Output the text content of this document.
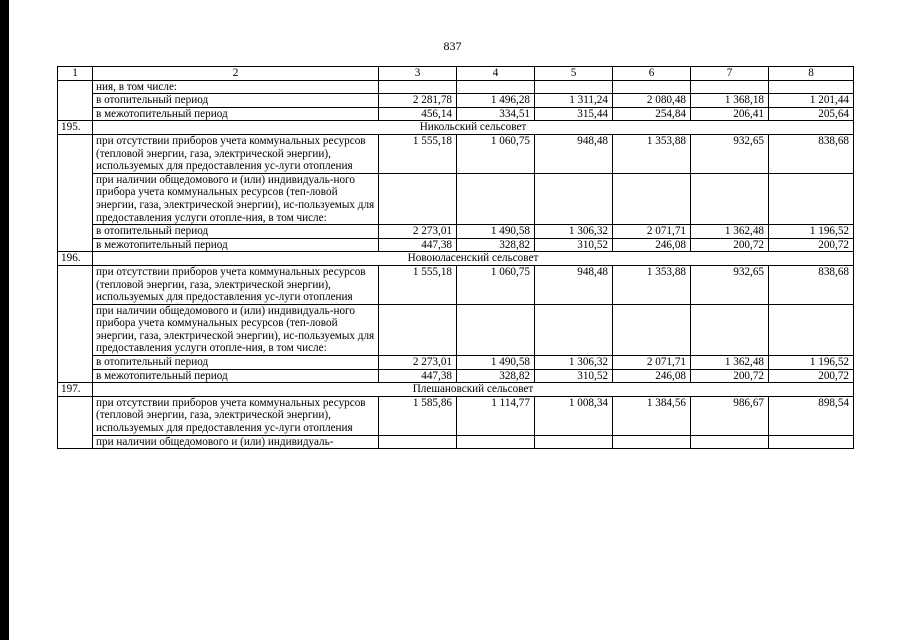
837
1	2	3	4	5	6	7	8
	ния, в том числе:						
	в отопительный период	2 281,78	1 496,28	1 311,24	2 080,48	1 368,18	1 201,44
	в межотопительный период	456,14	334,51	315,44	254,84	206,41	205,64
195.	Никольский сельсовет						
	при отсутствии приборов учета коммунальных ресурсов (тепловой энергии, газа, электрической энергии), используемых для предоставления ус-луги отопления	1 555,18	1 060,75	948,48	1 353,88	932,65	838,68
	при наличии общедомового и (или) индивидуаль-ного прибора учета коммунальных ресурсов (теп-ловой энергии, газа, электрической энергии), ис-пользуемых для предоставления услуги отопле-ния, в том числе:						
	в отопительный период	2 273,01	1 490,58	1 306,32	2 071,71	1 362,48	1 196,52
	в межотопительный период	447,38	328,82	310,52	246,08	200,72	200,72
196.	Новоюласенский сельсовет						
	при отсутствии приборов учета коммунальных ресурсов (тепловой энергии, газа, электрической энергии), используемых для предоставления ус-луги отопления	1 555,18	1 060,75	948,48	1 353,88	932,65	838,68
	при наличии общедомового и (или) индивидуаль-ного прибора учета коммунальных ресурсов (теп-ловой энергии, газа, электрической энергии), ис-пользуемых для предоставления услуги отопле-ния, в том числе:						
	в отопительный период	2 273,01	1 490,58	1 306,32	2 071,71	1 362,48	1 196,52
	в межотопительный период	447,38	328,82	310,52	246,08	200,72	200,72
197.	Плешановский сельсовет						
	при отсутствии приборов учета коммунальных ресурсов (тепловой энергии, газа, электрической энергии), используемых для предоставления ус-луги отопления	1 585,86	1 114,77	1 008,34	1 384,56	986,67	898,54
	при наличии общедомового и (или) индивидуаль-						
